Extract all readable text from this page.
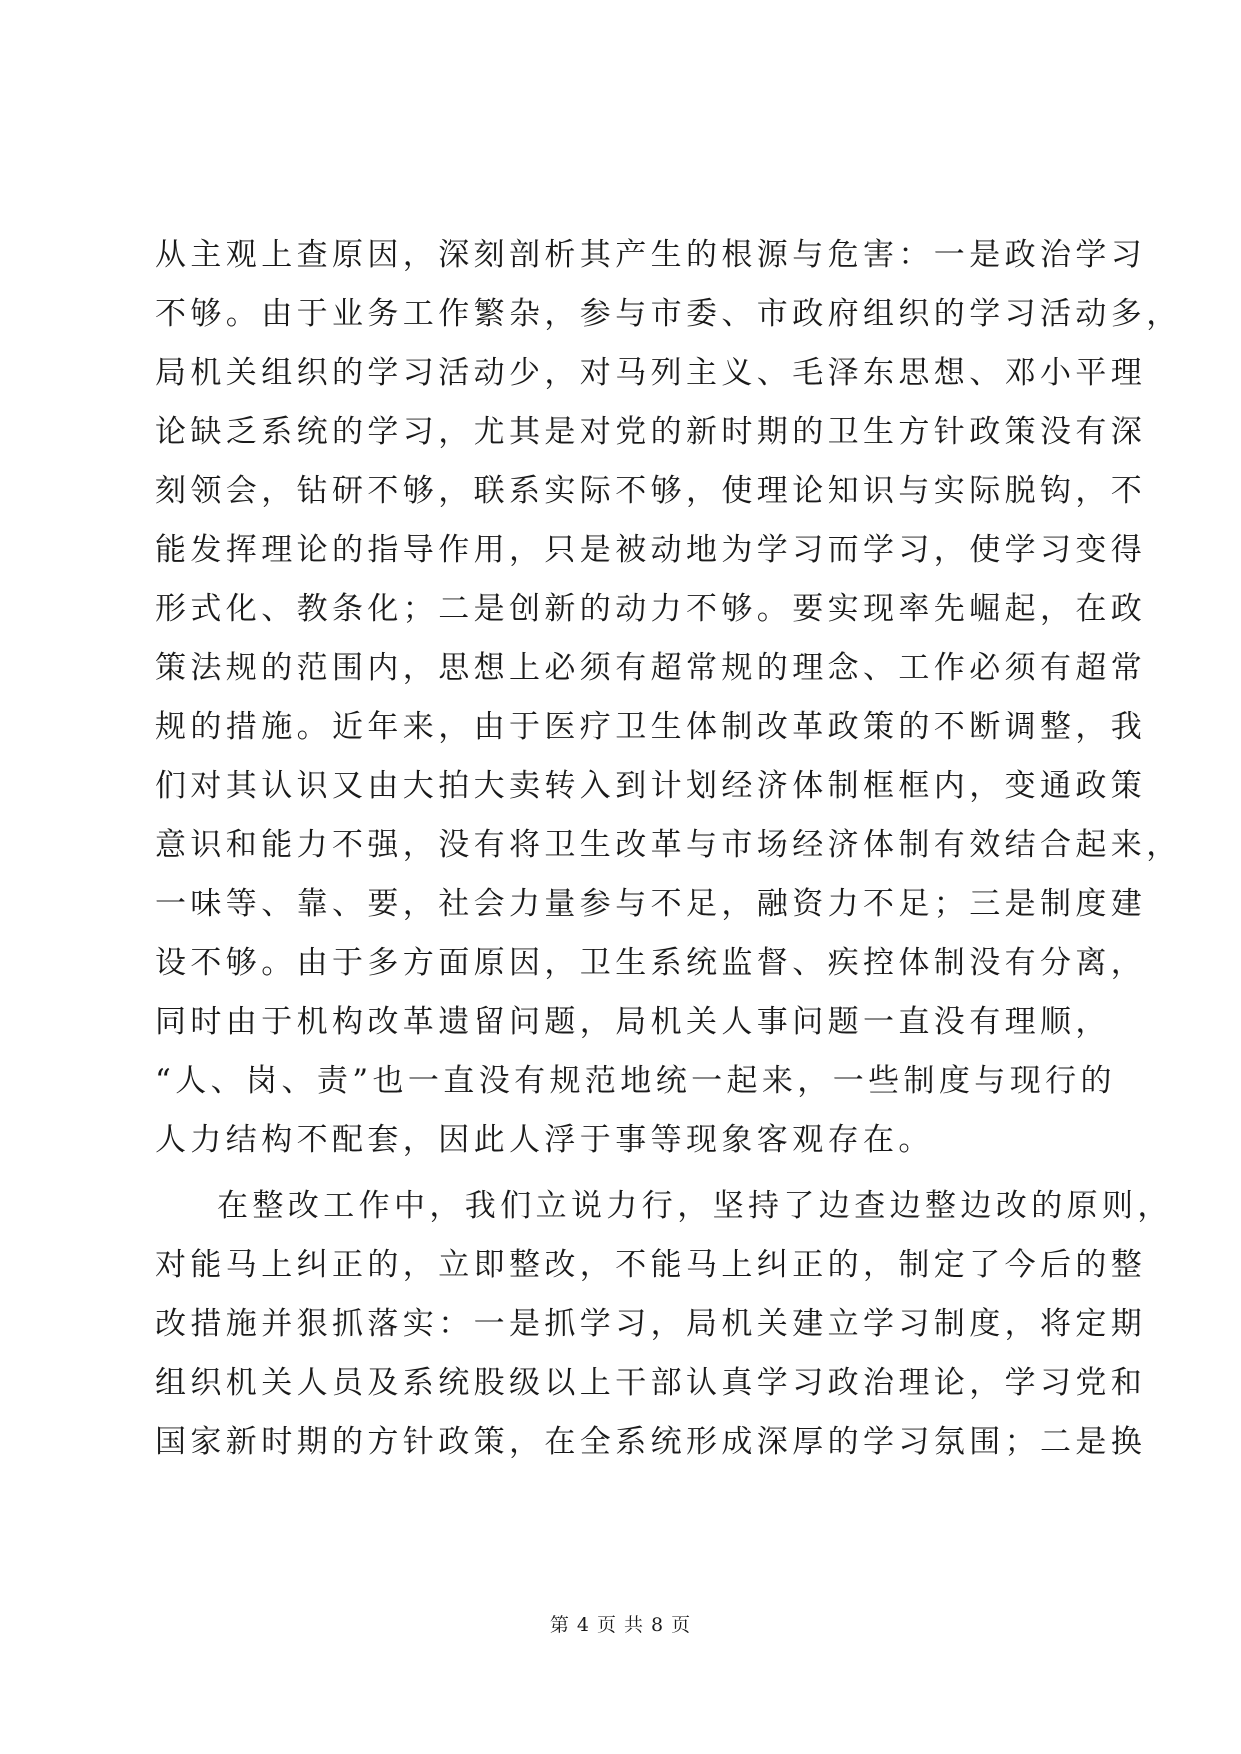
从主观上查原因，深刻剖析其产生的根源与危害：一是政治学习
不够。由于业务工作繁杂，参与市委、市政府组织的学习活动多，
局机关组织的学习活动少，对马列主义、毛泽东思想、邓小平理
论缺乏系统的学习，尤其是对党的新时期的卫生方针政策没有深
刻领会，钻研不够，联系实际不够，使理论知识与实际脱钩，不
能发挥理论的指导作用，只是被动地为学习而学习，使学习变得
形式化、教条化；二是创新的动力不够。要实现率先崛起，在政
策法规的范围内，思想上必须有超常规的理念、工作必须有超常
规的措施。近年来，由于医疗卫生体制改革政策的不断调整，我
们对其认识又由大拍大卖转入到计划经济体制框框内，变通政策
意识和能力不强，没有将卫生改革与市场经济体制有效结合起来，
一味等、靠、要，社会力量参与不足，融资力不足；三是制度建
设不够。由于多方面原因，卫生系统监督、疾控体制没有分离，
同时由于机构改革遗留问题，局机关人事问题一直没有理顺，
“人、岗、责”也一直没有规范地统一起来，一些制度与现行的
人力结构不配套，因此人浮于事等现象客观存在。
在整改工作中，我们立说力行，坚持了边查边整边改的原则，
对能马上纠正的，立即整改，不能马上纠正的，制定了今后的整
改措施并狠抓落实：一是抓学习，局机关建立学习制度，将定期
组织机关人员及系统股级以上干部认真学习政治理论，学习党和
国家新时期的方针政策，在全系统形成深厚的学习氛围；二是换
第 4 页 共 8 页
